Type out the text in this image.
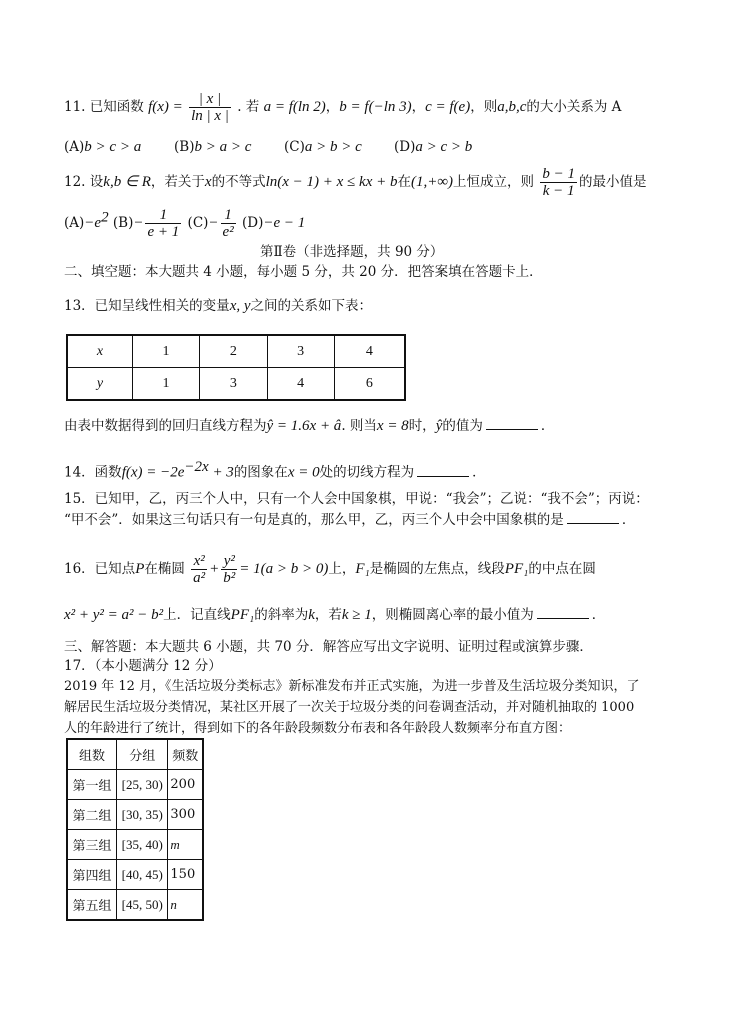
11. 已知函数 $f(x) = \frac{| x |}{\ln | x |}$ . 若 a = f(ln 2)，b = f(−ln 3)，c = f(e)，则a,b,c的大小关系为 A
(A)b > c > a (B)b > a > c (C)a > b > c (D)a > c > b
12. 设k,b ∈ R，若关于x的不等式ln(x − 1) + x ≤ kx + b在(1,+∞)上恒成立，则 $\frac{b - 1}{k - 1}$ 的最小值是
$(A)-e^2$ $(B)- \frac{1}{e + 1} (C)- \frac{1}{\text{e²}} (D)-e - 1$
第Ⅱ卷（非选择题，共 90 分）
二、填空题：本大题共 4 小题，每小题 5 分，共 20 分．把答案填在答题卡上．
13．已知呈线性相关的变量x, y之间的关系如下表：
x	1	2	3	4
y	1	3	4	6
由表中数据得到的回归直线方程为ŷ = 1.6x + â. 则当x = 8时，ŷ的值为	．
14．函数$f(x) = -2e^{-2x} + 3$的图象在x = 0处的切线方程为	．
15．已知甲，乙，丙三个人中，只有一个人会中国象棋，甲说：“我会”；乙说：“我不会”；丙说：
“甲不会”．如果这三句话只有一句是真的，那么甲，乙，丙三个人中会中国象棋的是	．
16．已知点P在椭圆 $\frac{\text{x²}}{\text{a²}} + \frac{\text{y²}}{\text{b²}} = 1(a > b > 0)$上，F₁是椭圆的左焦点，线段PF₁的中点在圆
x² + y² = a² − b²上．记直线PF₁的斜率为k，若k ≥ 1，则椭圆离心率的最小值为	．
三、解答题：本大题共 6 小题，共 70 分．解答应写出文字说明、证明过程或演算步骤．
17．（本小题满分 12 分）
2019 年 12 月，《生活垃圾分类标志》新标准发布并正式实施，为进一步普及生活垃圾分类知识，了
解居民生活垃圾分类情况，某社区开展了一次关于垃圾分类的问卷调查活动，并对随机抽取的 1000
人的年龄进行了统计，得到如下的各年龄段频数分布表和各年龄段人数频率分布直方图：
组数	分组	频数
第一组	[25, 30)	200
第二组	[30, 35)	300
第三组	[35, 40)	m
第四组	[40, 45)	150
第五组	[45, 50)	n
